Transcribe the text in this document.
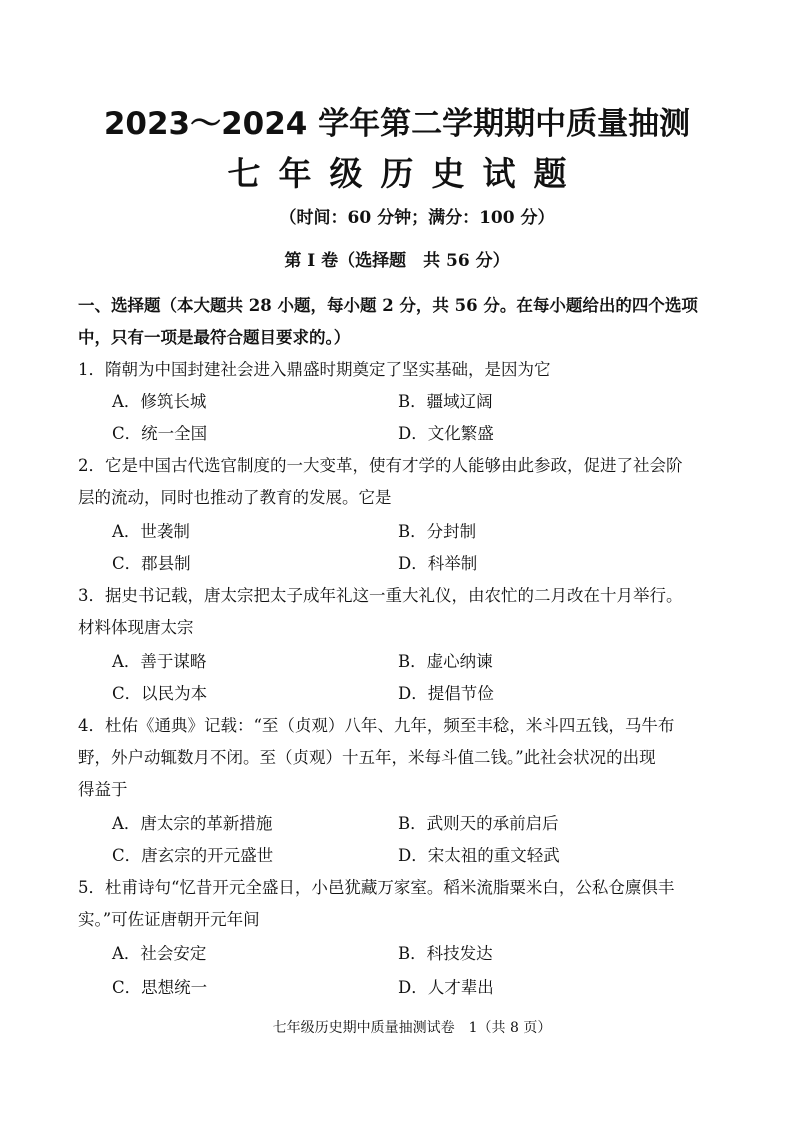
2023～2024 学年第二学期期中质量抽测
七年级历史试题
（时间：60 分钟；满分：100 分）
第 I 卷（选择题　共 56 分）
一、选择题（本大题共 28 小题，每小题 2 分，共 56 分。在每小题给出的四个选项
中，只有一项是最符合题目要求的。）
1．隋朝为中国封建社会进入鼎盛时期奠定了坚实基础，是因为它
A．修筑长城	B．疆域辽阔
C．统一全国	D．文化繁盛
2．它是中国古代选官制度的一大变革，使有才学的人能够由此参政，促进了社会阶
层的流动，同时也推动了教育的发展。它是
A．世袭制	B．分封制
C．郡县制	D．科举制
3．据史书记载，唐太宗把太子成年礼这一重大礼仪，由农忙的二月改在十月举行。
材料体现唐太宗
A．善于谋略	B．虚心纳谏
C．以民为本	D．提倡节俭
4．杜佑《通典》记载：“至（贞观）八年、九年，频至丰稔，米斗四五钱，马牛布
野，外户动辄数月不闭。至（贞观）十五年，米每斗值二钱。”此社会状况的出现
得益于
A．唐太宗的革新措施	B．武则天的承前启后
C．唐玄宗的开元盛世	D．宋太祖的重文轻武
5．杜甫诗句“忆昔开元全盛日，小邑犹藏万家室。稻米流脂粟米白，公私仓廪俱丰
实。”可佐证唐朝开元年间
A．社会安定	B．科技发达
C．思想统一	D．人才辈出
七年级历史期中质量抽测试卷　1（共 8 页）
